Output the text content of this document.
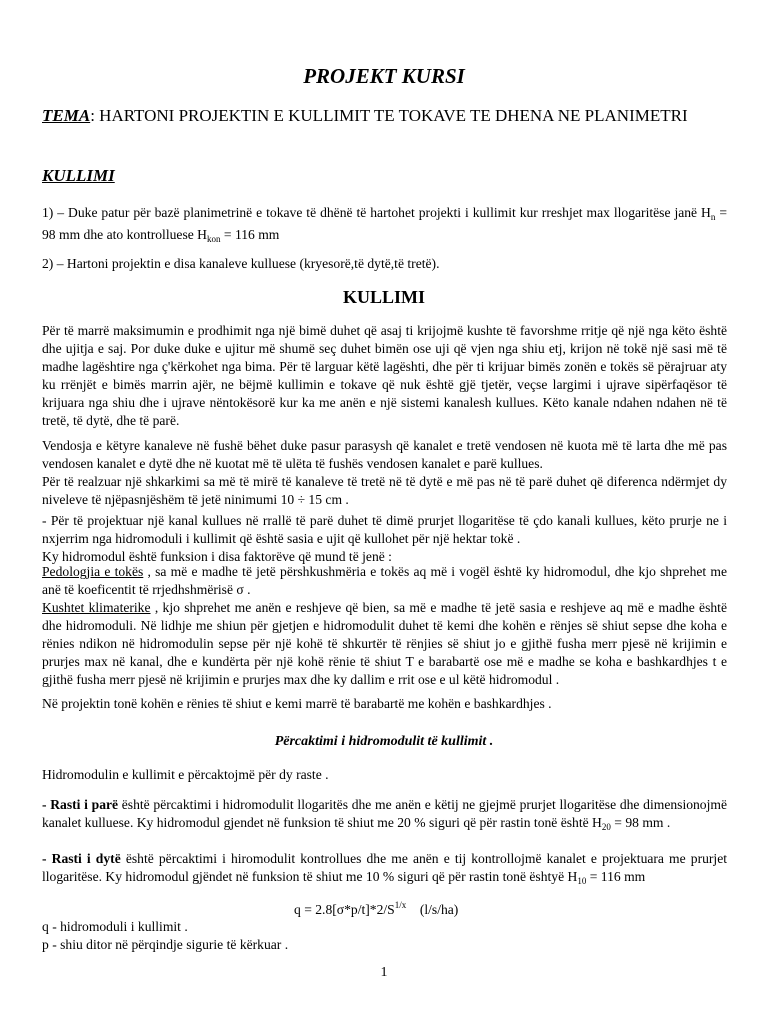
PROJEKT KURSI
TEMA: HARTONI PROJEKTIN E KULLIMIT TE TOKAVE TE DHENA NE PLANIMETRI
KULLIMI

1) – Duke patur për bazë planimetrinë e tokave të dhënë të hartohet projekti i kullimit kur rreshjet max llogaritëse janë $H_n = 98$ mm dhe ato kontrolluese $H_{kon} = 116$ mm

2) – Hartoni projektin e disa kanaleve kulluese (kryesorë,të dytë,të tretë).

KULLIMI

Për të marrë maksimumin e prodhimit nga një bimë duhet që asaj ti krijojmë kushte të favorshme rritje që një nga këto është dhe ujitja e saj. Por duke duke e ujitur më shumë seç duhet bimën ose uji që vjen nga shiu etj, krijon në tokë një sasi më të madhe lagështire nga ç'kërkohet nga bima. Për të larguar këtë lagështi, dhe për ti krijuar bimës zonën e tokës së përajruar aty ku rrënjët e bimës marrin ajër, ne bëjmë kullimin e tokave që nuk është gjë tjetër, veçse largimi i ujrave sipërfaqësor të krijuara nga shiu dhe i ujrave nëntokësorë kur ka me anën e një sistemi kanalesh kullues. Këto kanale ndahen ndahen në të tretë, të dytë, dhe të parë.

Vendosja e këtyre kanaleve në fushë bëhet duke pasur parasysh që kanalet e tretë vendosen në kuota më të larta dhe më pas vendosen kanalet e dytë dhe në kuotat më të ulëta të fushës vendosen kanalet e parë kullues.

Për të realzuar një shkarkimi sa më të mirë të kanaleve të tretë në të dytë e më pas në të parë duhet që diferenca ndërmjet dy niveleve të njëpasnjëshëm të jetë ninimumi 10 ÷ 15 cm .

- Për të projektuar një kanal kullues në rrallë të parë duhet të dimë prurjet llogaritëse të çdo kanali kullues, këto prurje ne i nxjerrim nga hidromoduli i kullimit që është sasia e ujit që kullohet për një hektar tokë .

Ky hidromodul është funksion i disa faktorëve që mund të jenë :

Pedologjia e tokës , sa më e madhe të jetë përshkushmëria e tokës aq më i vogël është ky hidromodul, dhe kjo shprehet me anë të koeficentit të rrjedhshmërisë σ .

Kushtet klimaterike , kjo shprehet me anën e reshjeve që bien, sa më e madhe të jetë sasia e reshjeve aq më e madhe është dhe hidromoduli. Në lidhje me shiun për gjetjen e hidromodulit duhet të kemi dhe kohën e rënjes së shiut sepse dhe koha e rënies ndikon në hidromodulin sepse për një kohë të shkurtër të rënjies së shiut jo e gjithë fusha merr pjesë në krijimin e prurjes max në kanal, dhe e kundërta për një kohë rënie të shiut T e barabartë ose më e madhe se koha e bashkardhjes t e gjithë fusha merr pjesë në krijimin e prurjes max dhe ky dallim e rrit ose e ul këtë hidromodul .

Në projektin tonë kohën e rënies të shiut e kemi marrë të barabartë me kohën e bashkardhjes .

Përcaktimi i hidromodulit të kullimit .

Hidromodulin e kullimit e përcaktojmë për dy raste .

- Rasti i parë është përcaktimi i hidromodulit llogaritës dhe me anën e këtij ne gjejmë prurjet llogaritëse dhe dimensionojmë kanalet kulluese. Ky hidromodul gjendet në funksion të shiut me 20 % siguri që për rastin tonë është $H_{20} = 98$ mm .

- Rasti i dytë është përcaktimi i hiromodulit kontrollues dhe me anën e tij kontrollojmë kanalet e projektuara me prurjet llogaritëse. Ky hidromodul gjëndet në funksion të shiut me 10 % siguri që për rastin tonë ështyë $H_{10} = 116$ mm

$q = 2.8[\sigma*p/t]*2/S^{1/x}$    (l/s/ha)

q - hidromoduli i kullimit .

p - shiu ditor në përqindje sigurie të kërkuar .

1
